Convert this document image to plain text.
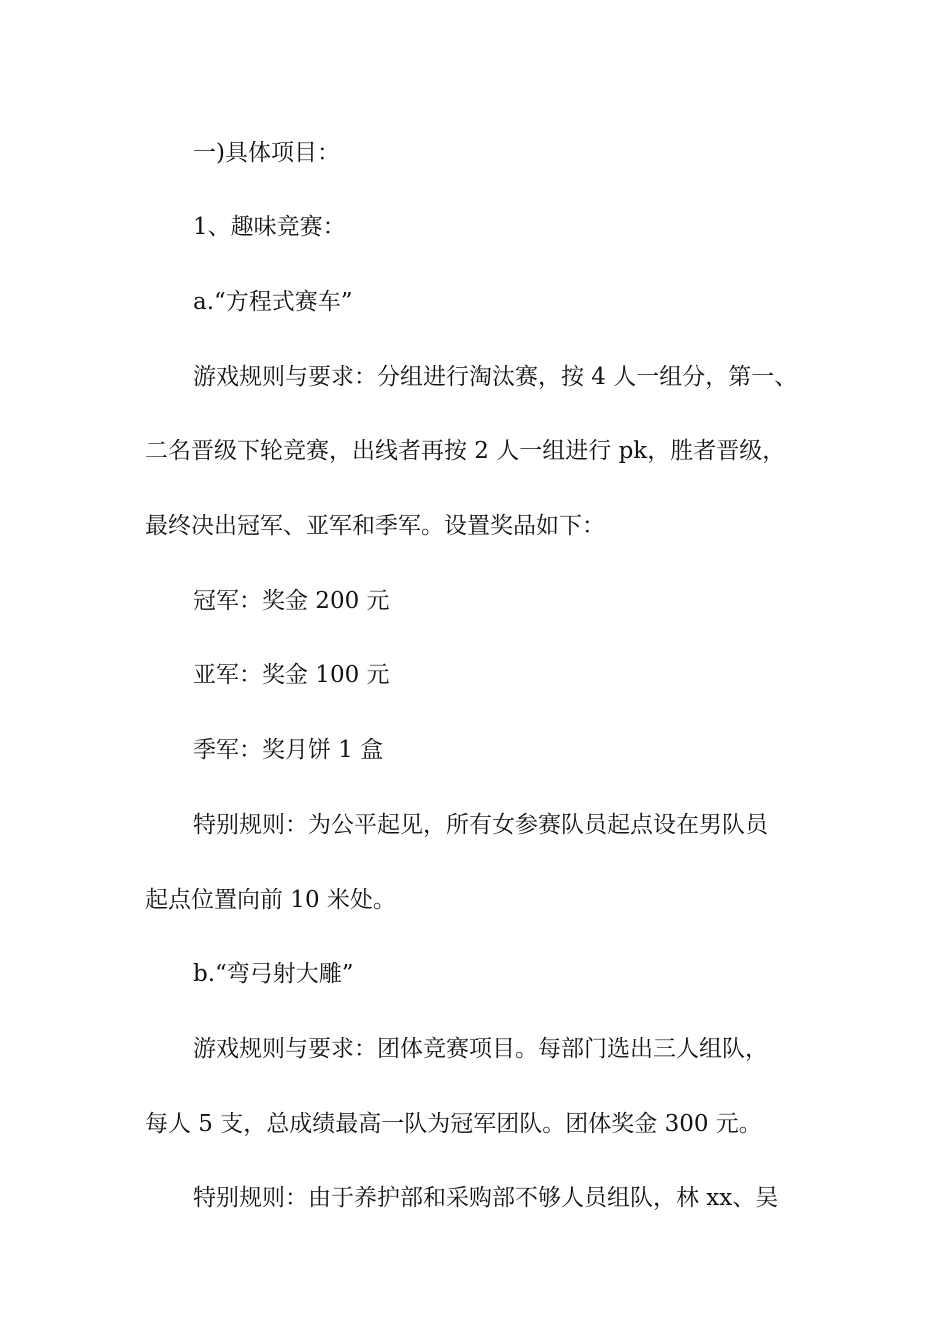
一)具体项目：
1、趣味竞赛：
a.“方程式赛车”
游戏规则与要求：分组进行淘汰赛，按 4 人一组分，第一、
二名晋级下轮竞赛，出线者再按 2 人一组进行 pk，胜者晋级，
最终决出冠军、亚军和季军。设置奖品如下：
冠军：奖金 200 元
亚军：奖金 100 元
季军：奖月饼 1 盒
特别规则：为公平起见，所有女参赛队员起点设在男队员
起点位置向前 10 米处。
b.“弯弓射大雕”
游戏规则与要求：团体竞赛项目。每部门选出三人组队，
每人 5 支，总成绩最高一队为冠军团队。团体奖金 300 元。
特别规则：由于养护部和采购部不够人员组队，林 xx、吴
